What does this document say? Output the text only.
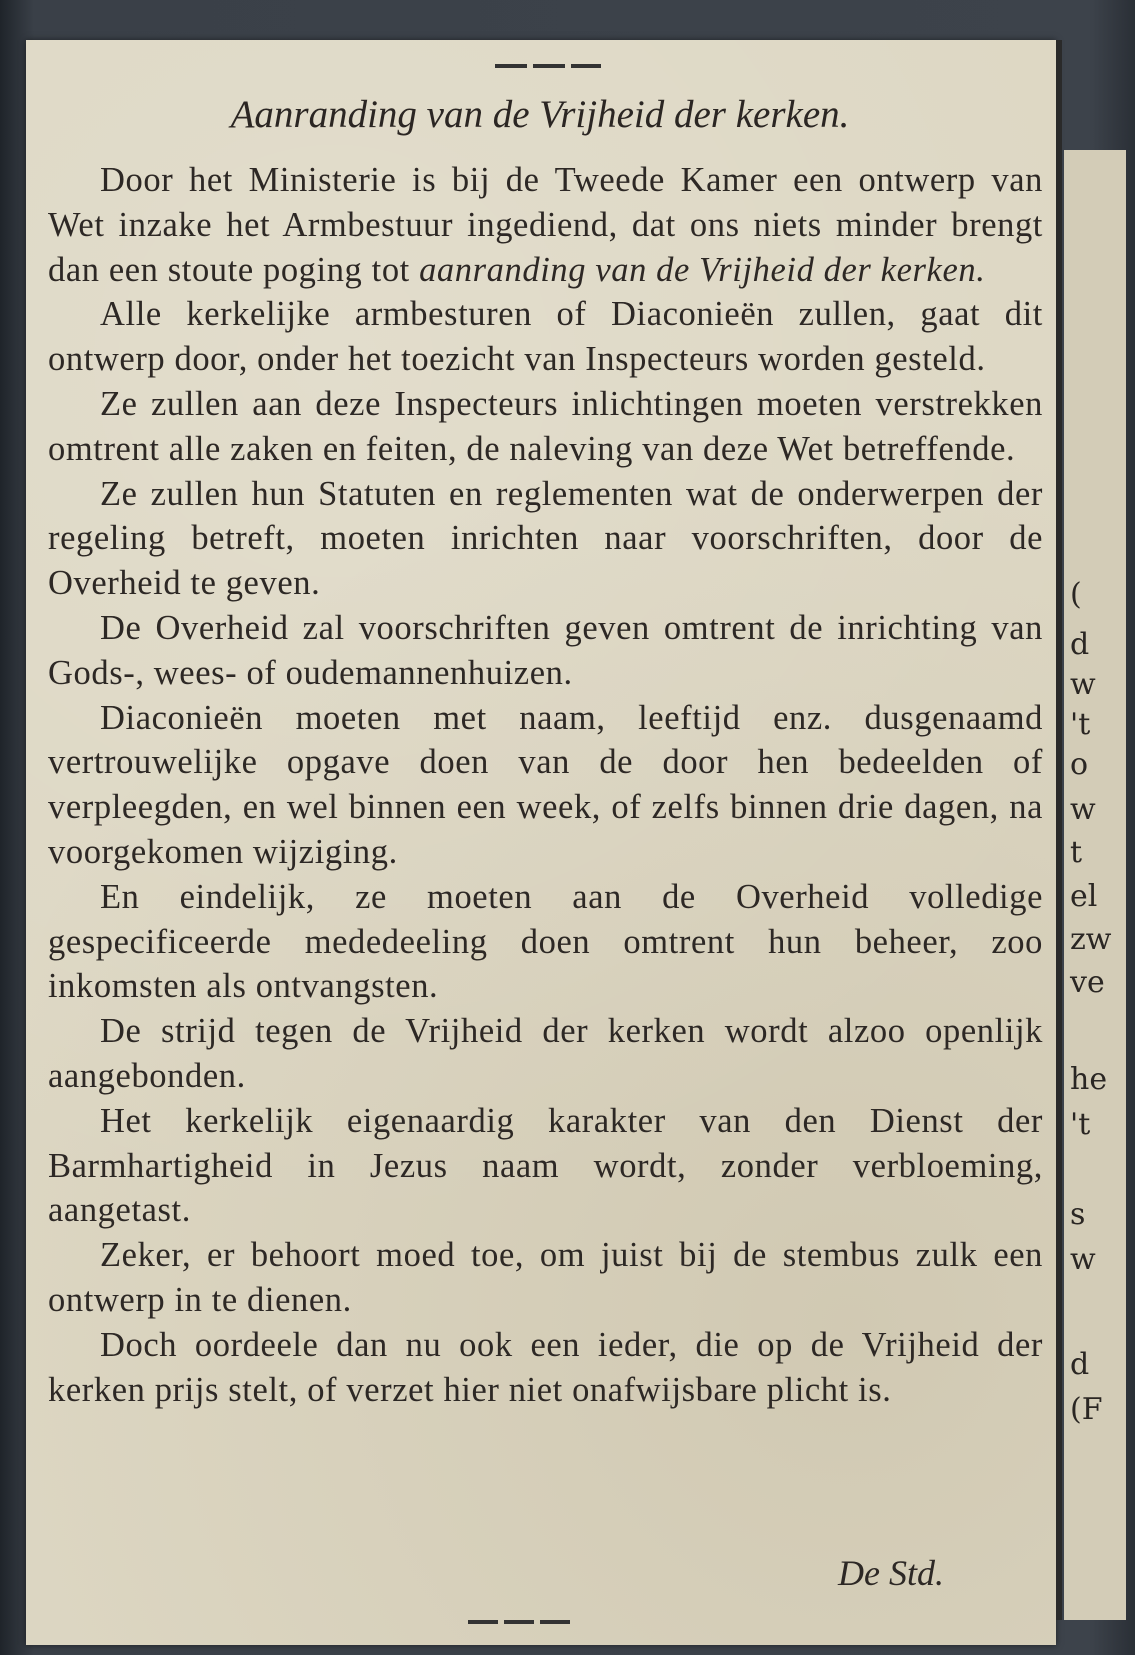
(
d
w
't
o
w
t
el
zw
ve
he
't
s
w
d
(F
Aanranding van de Vrijheid der kerken.

Door het Ministerie is bij de Tweede Kamer een ontwerp van Wet inzake het Armbestuur ingediend, dat ons niets minder brengt dan een stoute poging tot aanranding van de Vrijheid der kerken.

Alle kerkelijke armbesturen of Diaconieën zullen, gaat dit ontwerp door, onder het toezicht van Inspecteurs worden gesteld.

Ze zullen aan deze Inspecteurs inlichtingen moeten verstrekken omtrent alle zaken en feiten, de naleving van deze Wet betreffende.

Ze zullen hun Statuten en reglementen wat de onderwerpen der regeling betreft, moeten inrichten naar voorschriften, door de Overheid te geven.

De Overheid zal voorschriften geven omtrent de inrichting van Gods-, wees- of oudemannenhuizen.

Diaconieën moeten met naam, leeftijd enz. dusgenaamd vertrouwelijke opgave doen van de door hen bedeelden of verpleegden, en wel binnen een week, of zelfs binnen drie dagen, na voorgekomen wijziging.

En eindelijk, ze moeten aan de Overheid volledige gespecificeerde mededeeling doen omtrent hun beheer, zoo inkomsten als ontvangsten.

De strijd tegen de Vrijheid der kerken wordt alzoo openlijk aangebonden.

Het kerkelijk eigenaardig karakter van den Dienst der Barmhartigheid in Jezus naam wordt, zonder verbloeming, aangetast.

Zeker, er behoort moed toe, om juist bij de stembus zulk een ontwerp in te dienen.

Doch oordeele dan nu ook een ieder, die op de Vrijheid der kerken prijs stelt, of verzet hier niet onafwijsbare plicht is.

De Std.
